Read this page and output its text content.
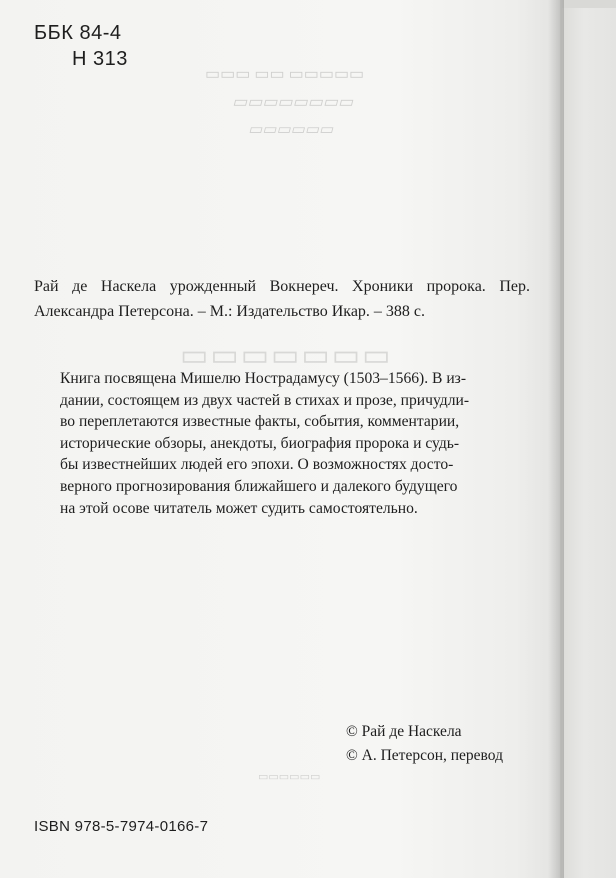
▭▭▭ ▭▭ ▭▭▭▭▭
▭▭▭▭▭▭▭▭
▭▭▭▭▭▭
▭▭▭▭▭▭▭
▭▭▭▭▭▭
ББК 84-4
Н 313
Рай де Наскела урожденный Вокнереч. Хроники пророка. Пер. Александра Петерсона. – М.: Издательство Икар. – 388 с.
Книга посвящена Мишелю Нострадамусу (1503–1566). В из-
дании, состоящем из двух частей в стихах и прозе, причудли-
во переплетаются известные факты, события, комментарии,
исторические обзоры, анекдоты, биография пророка и судь-
бы известнейших людей его эпохи. О возможностях досто-
верного прогнозирования ближайшего и далекого будущего
на этой осове читатель может судить самостоятельно.
© Рай де Наскела
© А. Петерсон, перевод
ISBN 978-5-7974-0166-7
